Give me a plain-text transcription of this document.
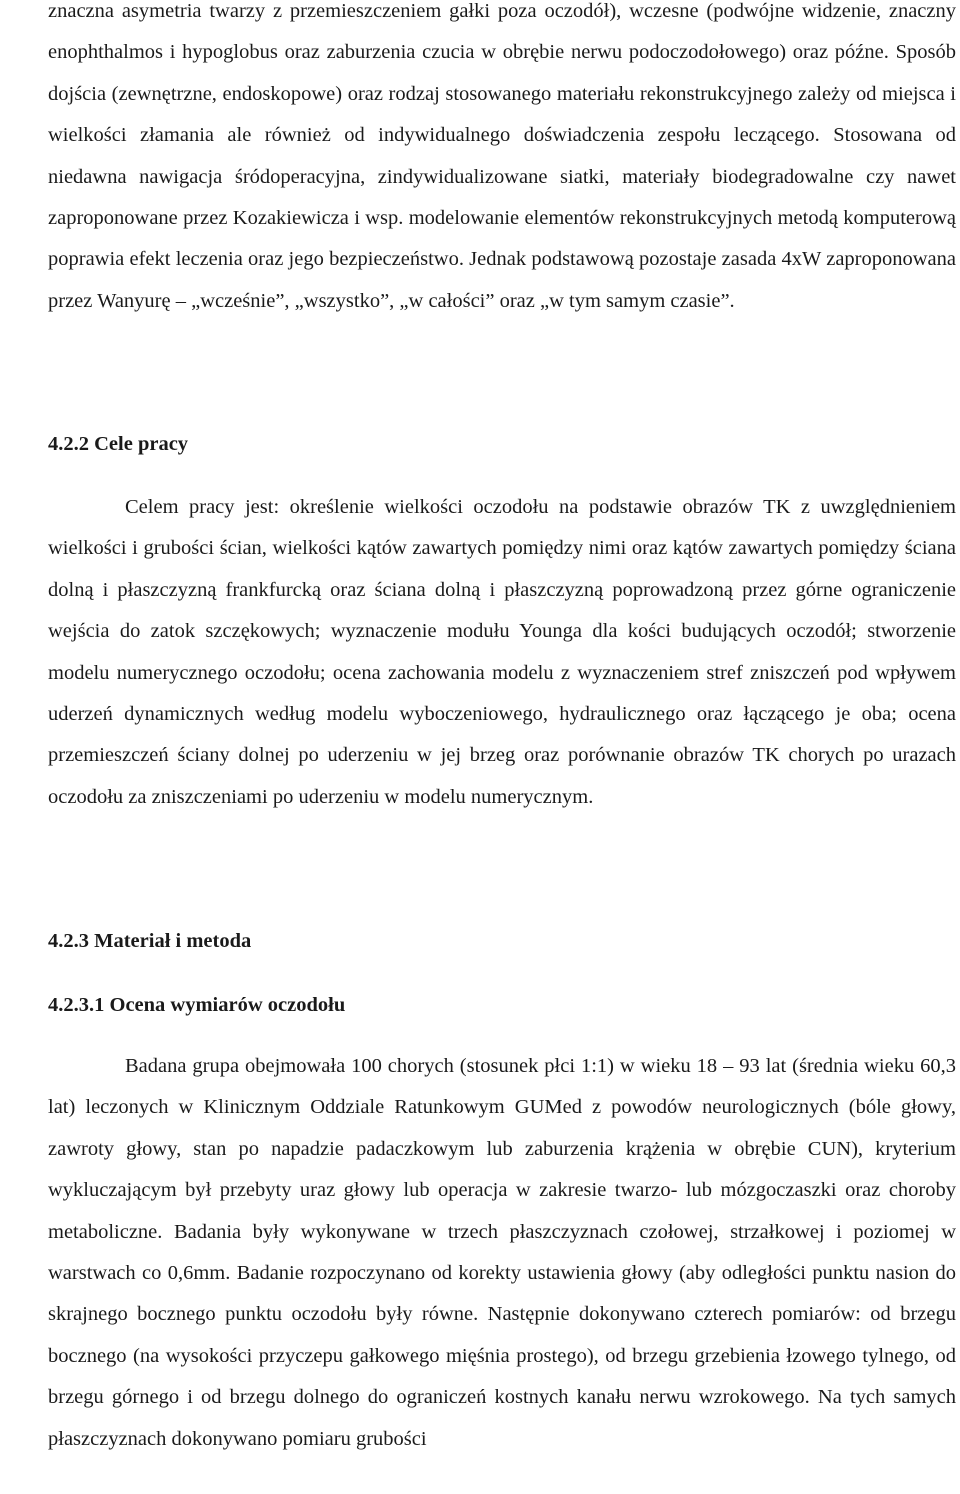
znaczna asymetria twarzy z przemieszczeniem gałki poza oczodół), wczesne (podwójne widzenie, znaczny enophthalmos i hypoglobus oraz zaburzenia czucia w obrębie nerwu podoczodołowego) oraz późne. Sposób dojścia (zewnętrzne, endoskopowe) oraz rodzaj stosowanego materiału rekonstrukcyjnego zależy od miejsca i wielkości złamania ale również od indywidualnego doświadczenia zespołu leczącego. Stosowana od niedawna nawigacja śródoperacyjna, zindywidualizowane siatki, materiały biodegradowalne czy nawet zaproponowane przez Kozakiewicza i wsp. modelowanie elementów rekonstrukcyjnych metodą komputerową poprawia efekt leczenia oraz jego bezpieczeństwo. Jednak podstawową pozostaje zasada 4xW zaproponowana przez Wanyurę – „wcześnie”, „wszystko”, „w całości” oraz „w tym samym czasie”.

4.2.2 Cele pracy

Celem pracy jest: określenie wielkości oczodołu na podstawie obrazów TK z uwzględnieniem wielkości i grubości ścian, wielkości kątów zawartych pomiędzy nimi oraz kątów zawartych pomiędzy ściana dolną i płaszczyzną frankfurcką oraz ściana dolną i płaszczyzną poprowadzoną przez górne ograniczenie wejścia do zatok szczękowych; wyznaczenie modułu Younga dla kości budujących oczodół; stworzenie modelu numerycznego oczodołu; ocena zachowania modelu z wyznaczeniem stref zniszczeń pod wpływem uderzeń dynamicznych według modelu wyboczeniowego, hydraulicznego oraz łączącego je oba; ocena przemieszczeń ściany dolnej po uderzeniu w jej brzeg oraz porównanie obrazów TK chorych po urazach oczodołu za zniszczeniami po uderzeniu w modelu numerycznym.

4.2.3 Materiał i metoda
4.2.3.1 Ocena wymiarów oczodołu

Badana grupa obejmowała 100 chorych (stosunek płci 1:1) w wieku 18 – 93 lat (średnia wieku 60,3 lat) leczonych w Klinicznym Oddziale Ratunkowym GUMed z powodów neurologicznych (bóle głowy, zawroty głowy, stan po napadzie padaczkowym lub zaburzenia krążenia w obrębie CUN), kryterium wykluczającym był przebyty uraz głowy lub operacja w zakresie twarzo- lub mózgoczaszki oraz choroby metaboliczne. Badania były wykonywane w trzech płaszczyznach czołowej, strzałkowej i poziomej w warstwach co 0,6mm. Badanie rozpoczynano od korekty ustawienia głowy (aby odległości punktu nasion do skrajnego bocznego punktu oczodołu były równe. Następnie dokonywano czterech pomiarów: od brzegu bocznego (na wysokości przyczepu gałkowego mięśnia prostego), od brzegu grzebienia łzowego tylnego, od brzegu górnego i od brzegu dolnego do ograniczeń kostnych kanału nerwu wzrokowego. Na tych samych płaszczyznach dokonywano pomiaru grubości
